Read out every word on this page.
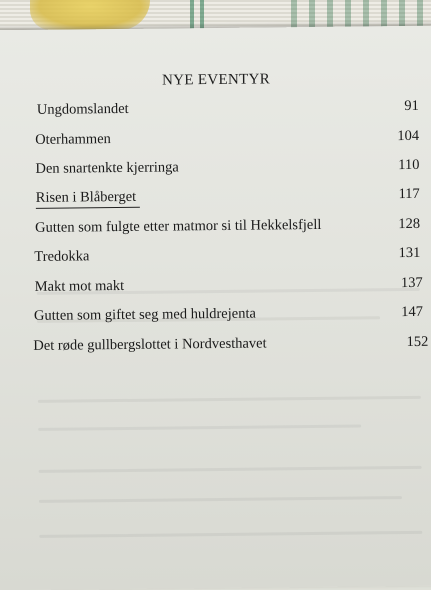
NYE EVENTYR
Ungdomslandet	91
Oterhammen	104
Den snartenkte kjerringa	110
Risen i Blåberget	117
Gutten som fulgte etter matmor si til Hekkelsfjell	128
Tredokka	131
Makt mot makt	137
Gutten som giftet seg med huldrejenta	147
Det røde gullbergslottet i Nordvesthavet	152
